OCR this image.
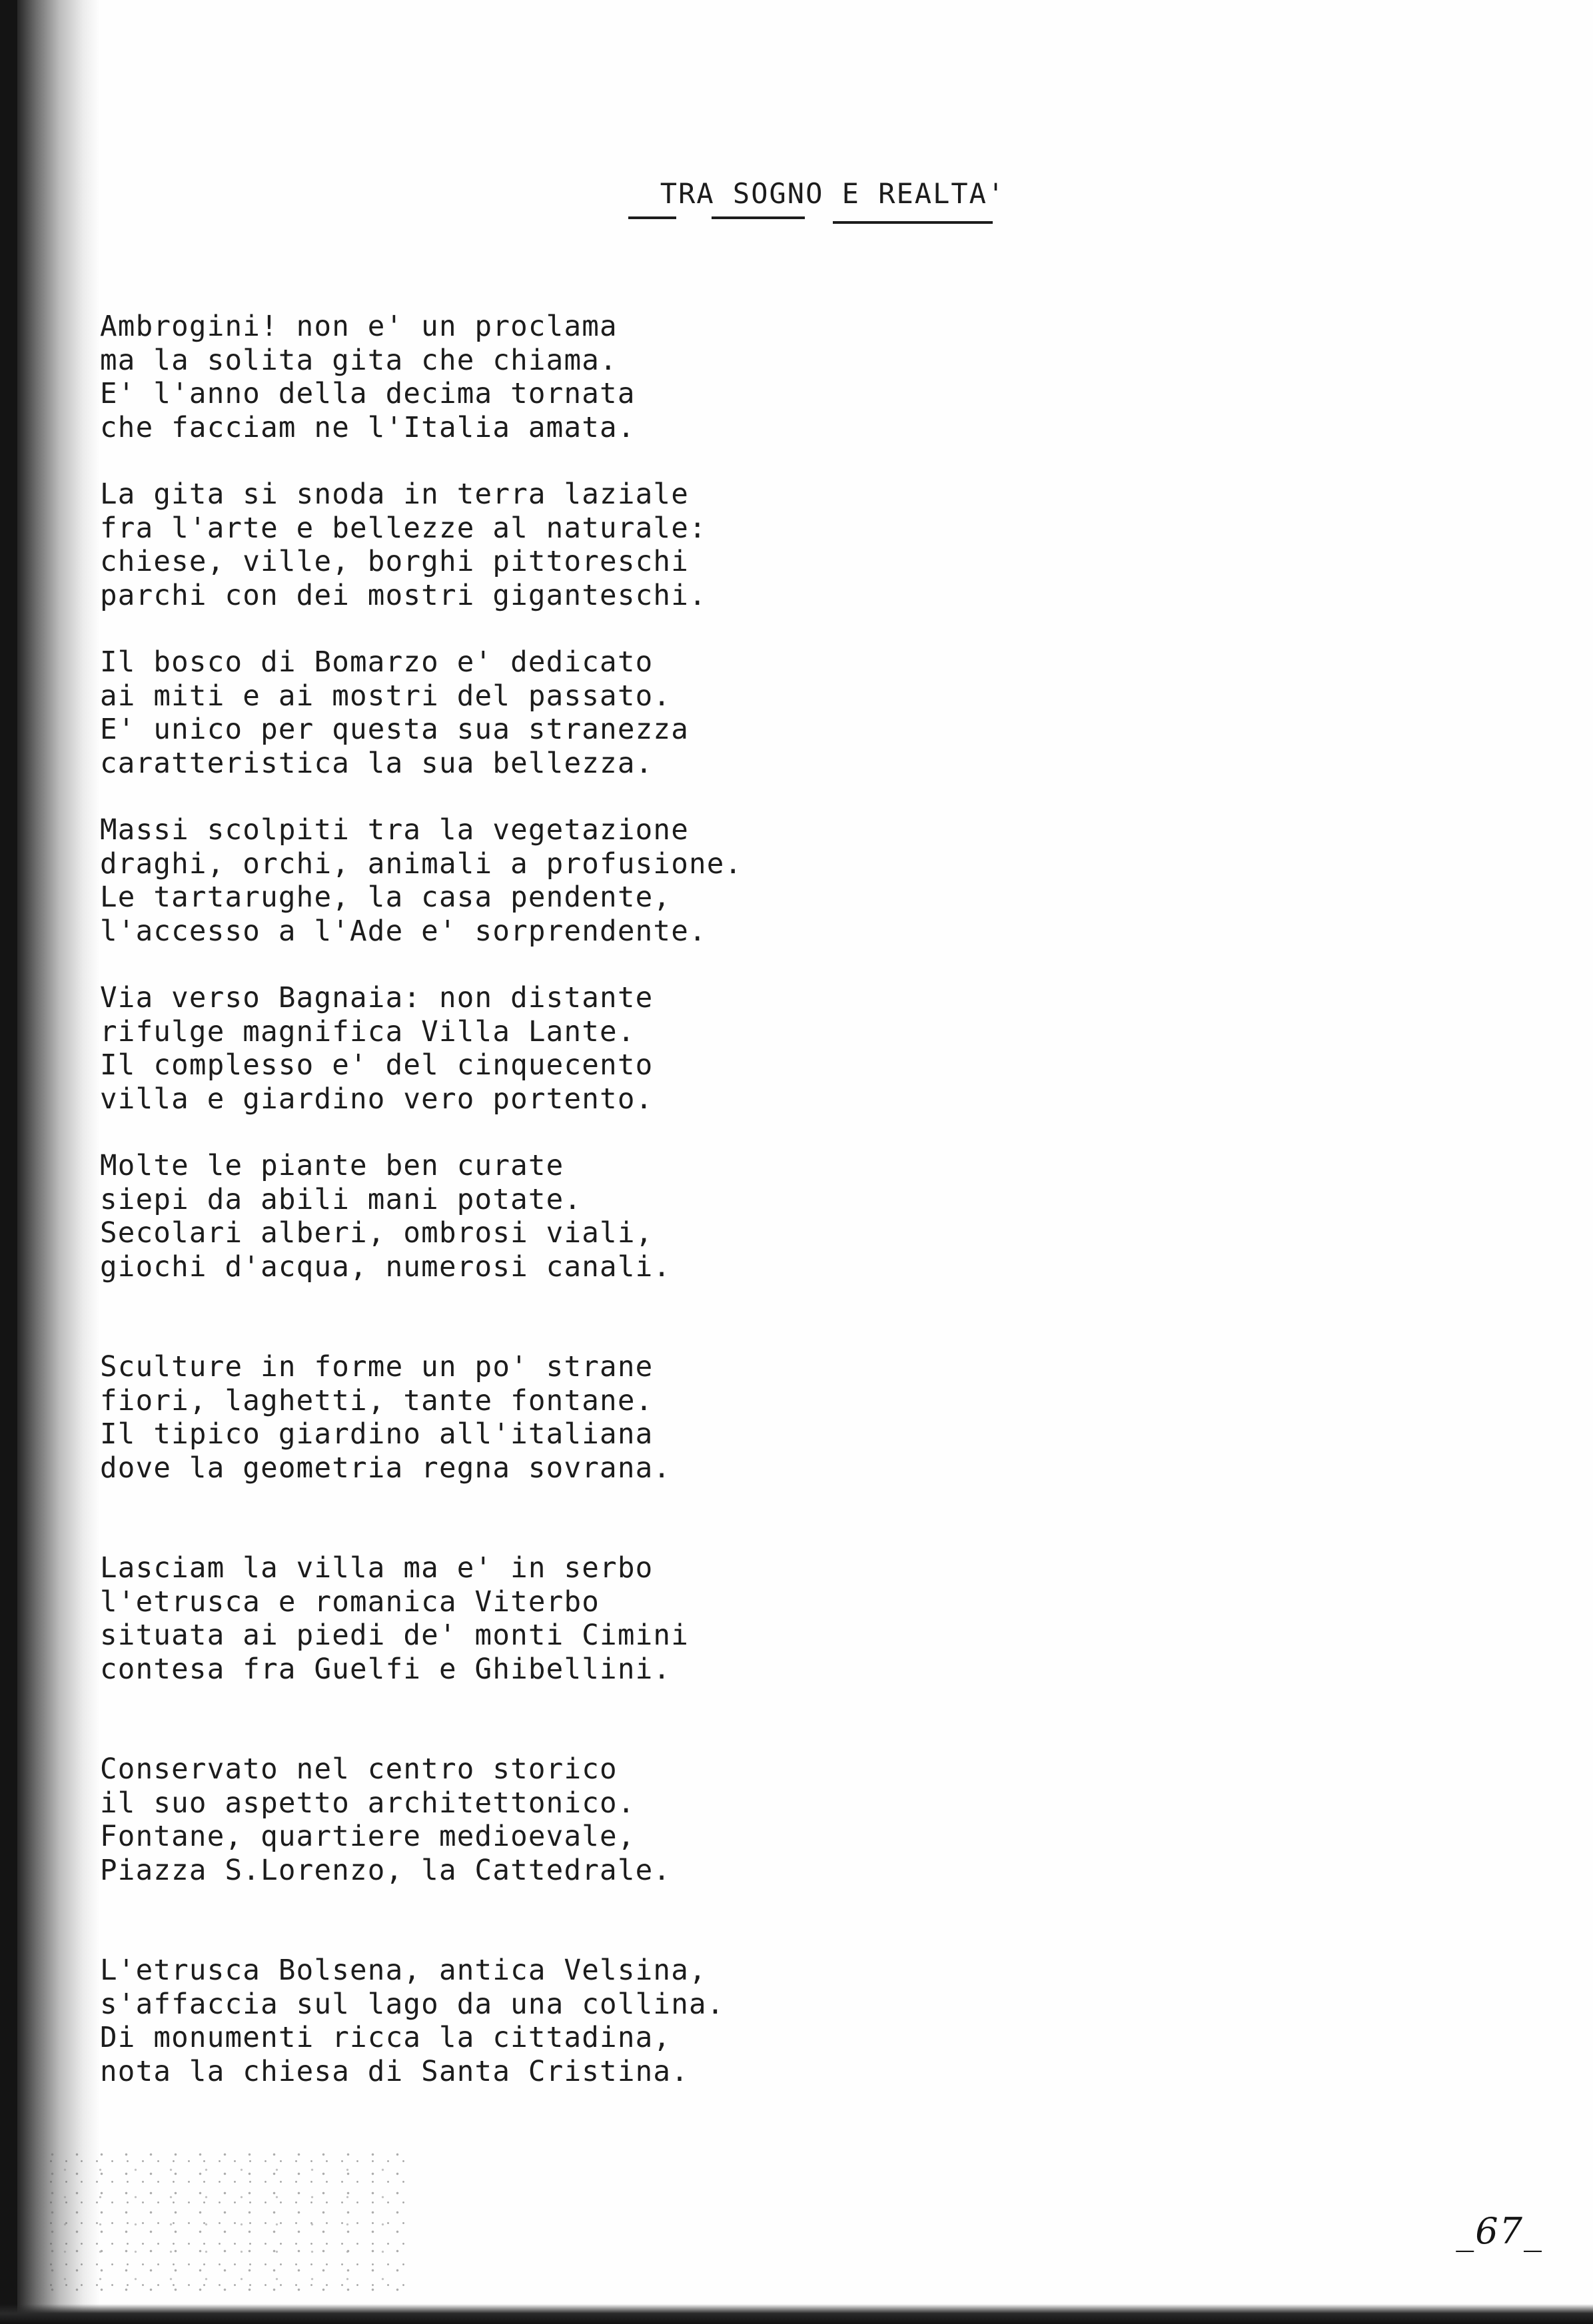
TRA SOGNO E REALTA'
Ambrogini! non e' un proclama
ma la solita gita che chiama.
E' l'anno della decima tornata
che facciam ne l'Italia amata.
La gita si snoda in terra laziale
fra l'arte e bellezze al naturale:
chiese, ville, borghi pittoreschi
parchi con dei mostri giganteschi.
Il bosco di Bomarzo e' dedicato
ai miti e ai mostri del passato.
E' unico per questa sua stranezza
caratteristica la sua bellezza.
Massi scolpiti tra la vegetazione
draghi, orchi, animali a profusione.
Le tartarughe, la casa pendente,
l'accesso a l'Ade e' sorprendente.
Via verso Bagnaia: non distante
rifulge magnifica Villa Lante.
Il complesso e' del cinquecento
villa e giardino vero portento.
Molte le piante ben curate
siepi da abili mani potate.
Secolari alberi, ombrosi viali,
giochi d'acqua, numerosi canali.
Sculture in forme un po' strane
fiori, laghetti, tante fontane.
Il tipico giardino all'italiana
dove la geometria regna sovrana.
Lasciam la villa ma e' in serbo
l'etrusca e romanica Viterbo
situata ai piedi de' monti Cimini
contesa fra Guelfi e Ghibellini.
Conservato nel centro storico
il suo aspetto architettonico.
Fontane, quartiere medioevale,
Piazza S.Lorenzo, la Cattedrale.
L'etrusca Bolsena, antica Velsina,
s'affaccia sul lago da una collina.
Di monumenti ricca la cittadina,
nota la chiesa di Santa Cristina.
_67_
